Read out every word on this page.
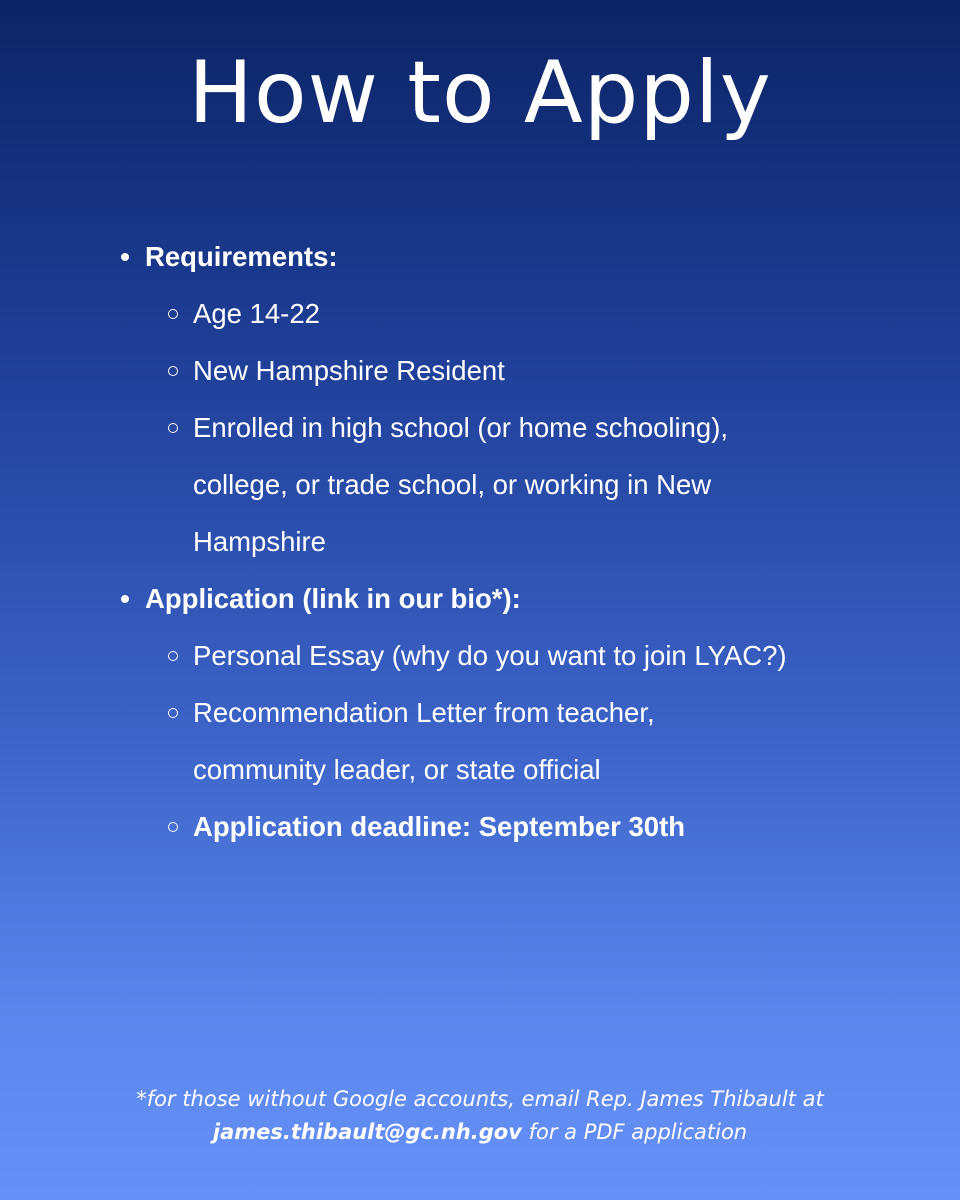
How to Apply
Requirements:
Age 14-22
New Hampshire Resident
Enrolled in high school (or home schooling),
college, or trade school, or working in New
Hampshire
Application (link in our bio*):
Personal Essay (why do you want to join LYAC?)
Recommendation Letter from teacher,
community leader, or state official
Application deadline: September 30th
*for those without Google accounts, email Rep. James Thibault at
james.thibault@gc.nh.gov for a PDF application
